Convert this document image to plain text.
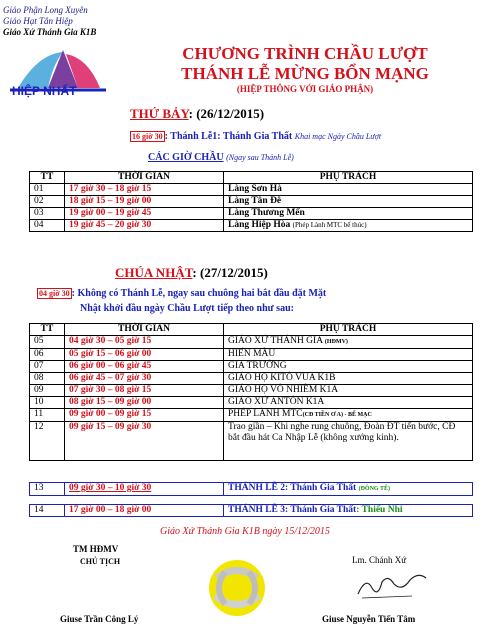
Giáo Phận Long Xuyên
Giáo Hạt Tân Hiệp
Giáo Xứ Thánh Gia K1B
HIỆP NHẤT
CHƯƠNG TRÌNH CHẦU LƯỢT
THÁNH LỄ MỪNG BỔN MẠNG
(HIỆP THÔNG VỚI GIÁO PHẬN)
THỨ BẢY: (26/12/2015)
16 giờ 30 : Thánh Lễ1: Thánh Gia Thất Khai mạc Ngày Chầu Lượt
CÁC GIỜ CHẦU (Ngay sau Thánh Lễ)
TT	THỜI GIAN	PHỤ TRÁCH
01	17 giờ 30 – 18 giờ 15	Làng Sơn Hà
02	18 giờ 15 – 19 giờ 00	Làng Tân Đê
03	19 giờ 00 – 19 giờ 45	Làng Thương Mến
04	19 giờ 45 – 20 giờ 30	Làng Hiệp Hòa (Phép Lành MTC bế thúc)
CHÚA NHẬT: (27/12/2015)
04 giờ 30 : Không có Thánh Lễ, ngay sau chuông hai bắt đầu đặt Mặt
Nhật khởi đầu ngày Chầu Lượt tiếp theo như sau:
TT	THỜI GIAN	PHỤ TRÁCH
05	04 giờ 30 – 05 giờ 15	GIÁO XỨ THÁNH GIA (HĐMV)
06	05 giờ 15 – 06 giờ 00	HIẾN MẪU
07	06 giờ 00 – 06 giờ 45	GIA TRƯỞNG
08	06 giờ 45 – 07 giờ 30	GIÁO HỌ KITÔ VUA K1B
09	07 giờ 30 – 08 giờ 15	GIÁO HỌ VÔ NHIỄM K1A
10	08 giờ 15 – 09 giờ 00	GIÁO XỨ ANTÔN K1A
11	09 giờ 00 – 09 giờ 15	PHÉP LÀNH MTC(CĐ TIỀN Ơ A) - BẾ MẠC
12	09 giờ 15 – 09 giờ 30	Trao giần – Khi nghe rung chuông, Đoàn ĐT tiến bước, CĐ bắt đầu hát Ca Nhập Lễ (không xướng kinh).
13	09 giờ 30 – 10 giờ 30	THÁNH LỄ 2: Thánh Gia Thất (ĐÔNG TẾ)
14	17 giờ 00 – 18 giờ 00	THÁNH LỄ 3: Thánh Gia Thất: Thiếu Nhi
Giáo Xứ Thánh Gia K1B ngày 15/12/2015
TM HĐMV
CHỦ TỊCH	Lm. Chánh Xứ
Giuse Trần Công Lý	Giuse Nguyễn Tiến Tâm
